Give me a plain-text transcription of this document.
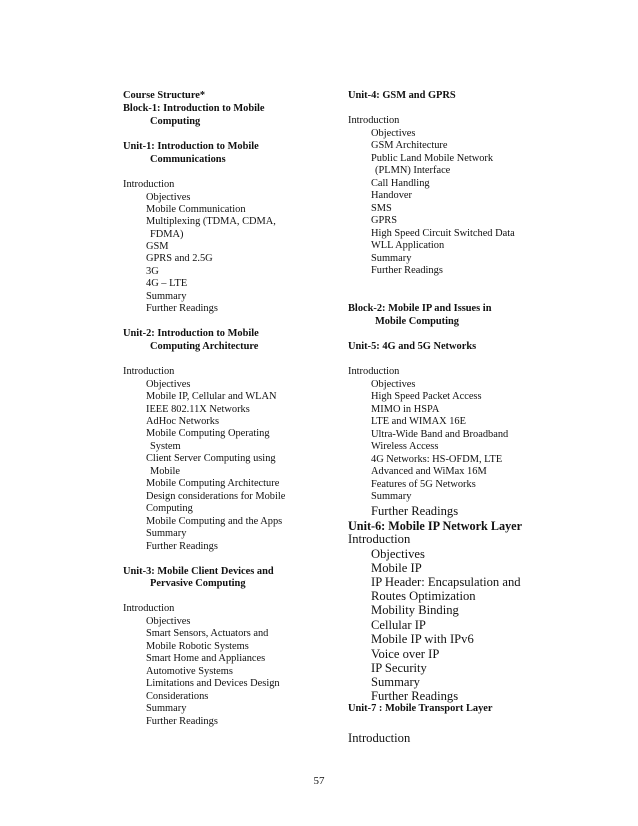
Course Structure*
Block-1: Introduction to Mobile
Computing
Unit-1: Introduction to Mobile
Communications
Introduction
Objectives
Mobile Communication
Multiplexing (TDMA, CDMA,
FDMA)
GSM
GPRS and 2.5G
3G
4G – LTE
Summary
Further Readings
Unit-2: Introduction to Mobile
Computing Architecture
Introduction
Objectives
Mobile IP, Cellular and WLAN
IEEE 802.11X Networks
AdHoc Networks
Mobile Computing Operating
System
Client Server Computing using
Mobile
Mobile Computing Architecture
Design considerations for Mobile
Computing
Mobile Computing and the Apps
Summary
Further Readings
Unit-3: Mobile Client Devices and
Pervasive Computing
Introduction
Objectives
Smart Sensors, Actuators and
Mobile Robotic Systems
Smart Home and Appliances
Automotive Systems
Limitations and Devices Design
Considerations
Summary
Further Readings
Unit-4: GSM and GPRS
Introduction
Objectives
GSM Architecture
Public Land Mobile Network
(PLMN) Interface
Call Handling
Handover
SMS
GPRS
High Speed Circuit Switched Data
WLL Application
Summary
Further Readings
Block-2: Mobile IP and Issues in
Mobile Computing
Unit-5: 4G and 5G Networks
Introduction
Objectives
High Speed Packet Access
MIMO in HSPA
LTE and WIMAX 16E
Ultra-Wide Band and Broadband
Wireless Access
4G Networks: HS-OFDM, LTE
Advanced and WiMax 16M
Features of 5G Networks
Summary
Further Readings
Unit-6: Mobile IP Network Layer
Introduction
Objectives
Mobile IP
IP Header: Encapsulation and
Routes Optimization
Mobility Binding
Cellular IP
Mobile IP with IPv6
Voice over IP
IP Security
Summary
Further Readings
Unit-7 : Mobile Transport Layer
Introduction
57
